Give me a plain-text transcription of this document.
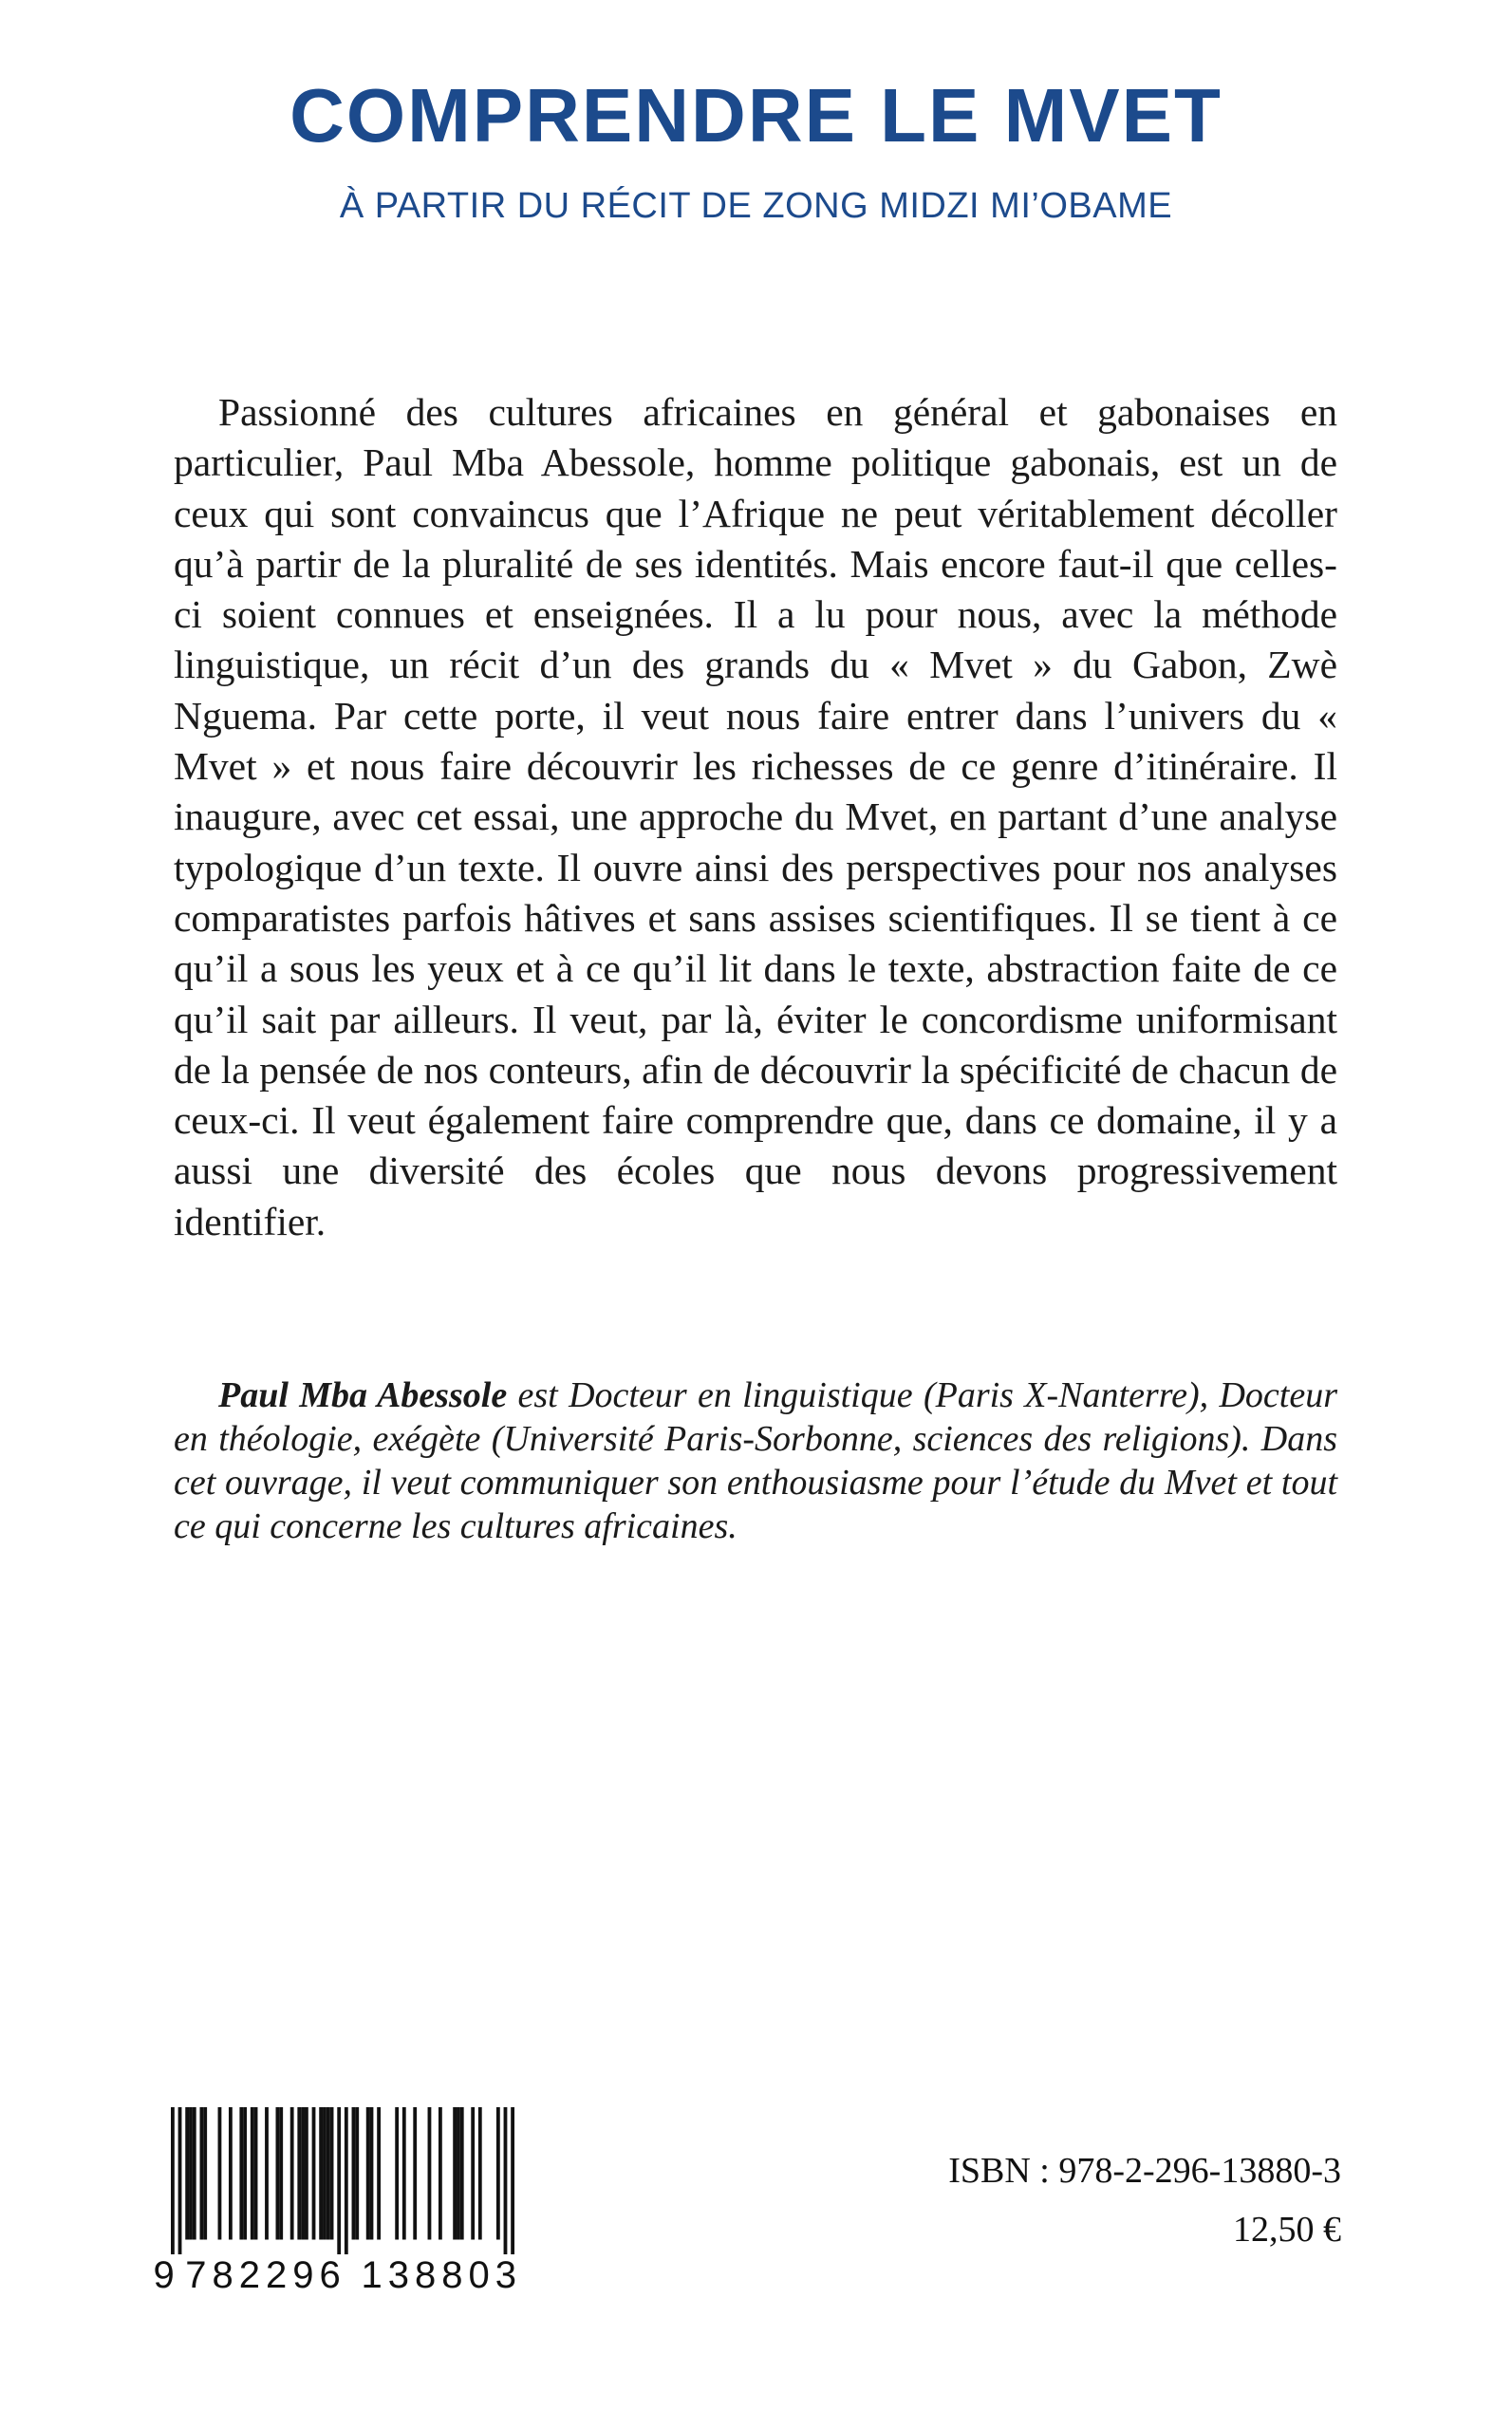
COMPRENDRE LE MVET
À PARTIR DU RÉCIT DE ZONG MIDZI MI’OBAME

Passionné des cultures africaines en général et gabonaises en particulier, Paul Mba Abessole, homme politique gabonais, est un de ceux qui sont convaincus que l’Afrique ne peut véritablement décoller qu’à partir de la pluralité de ses identités. Mais encore faut-il que celles-ci soient connues et enseignées. Il a lu pour nous, avec la méthode linguistique, un récit d’un des grands du « Mvet » du Gabon, Zwè Nguema. Par cette porte, il veut nous faire entrer dans l’univers du « Mvet » et nous faire découvrir les richesses de ce genre d’itinéraire. Il inaugure, avec cet essai, une approche du Mvet, en partant d’une analyse typologique d’un texte. Il ouvre ainsi des perspectives pour nos analyses comparatistes parfois hâtives et sans assises scientifiques. Il se tient à ce qu’il a sous les yeux et à ce qu’il lit dans le texte, abstraction faite de ce qu’il sait par ailleurs. Il veut, par là, éviter le concordisme uniformisant de la pensée de nos conteurs, afin de découvrir la spécificité de chacun de ceux-ci. Il veut également faire comprendre que, dans ce domaine, il y a aussi une diversité des écoles que nous devons progressivement identifier.

Paul Mba Abessole est Docteur en linguistique (Paris X-Nanterre), Docteur en théologie, exégète (Université Paris-Sorbonne, sciences des religions). Dans cet ouvrage, il veut communiquer son enthousiasme pour l’étude du Mvet et tout ce qui concerne les cultures africaines.

9 782296 138803
ISBN : 978-2-296-13880-3
12,50 €
